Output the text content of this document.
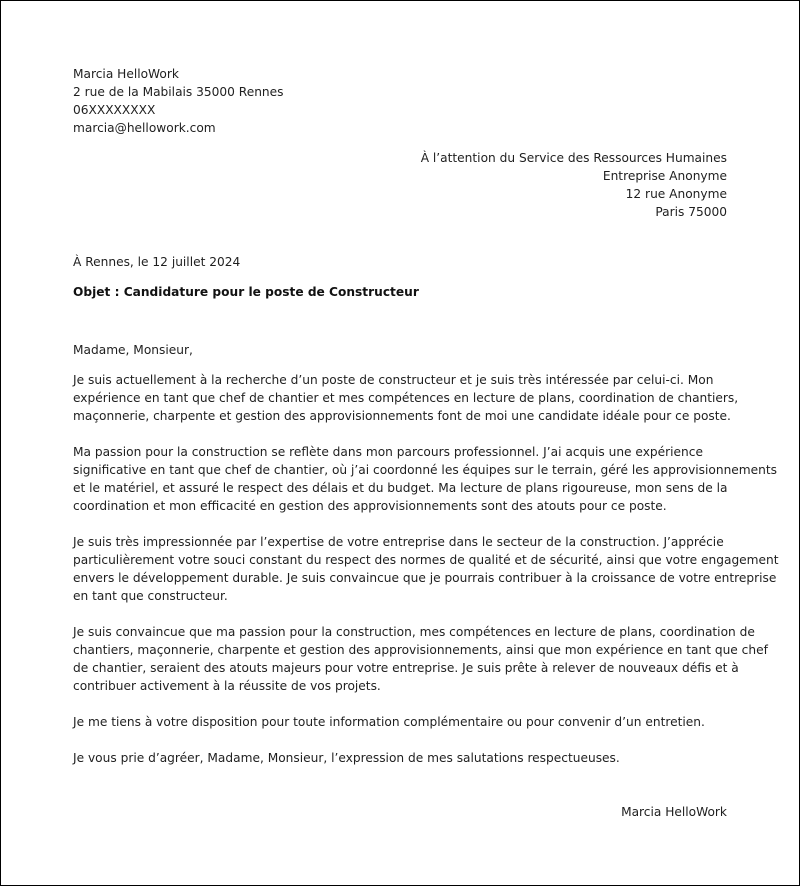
Marcia HelloWork
2 rue de la Mabilais 35000 Rennes
06XXXXXXXX
marcia@hellowork.com
À l’attention du Service des Ressources Humaines
Entreprise Anonyme
12 rue Anonyme
Paris 75000
À Rennes, le 12 juillet 2024
Objet : Candidature pour le poste de Constructeur
Madame, Monsieur,
Je suis actuellement à la recherche d’un poste de constructeur et je suis très intéressée par celui-ci. Mon
expérience en tant que chef de chantier et mes compétences en lecture de plans, coordination de chantiers,
maçonnerie, charpente et gestion des approvisionnements font de moi une candidate idéale pour ce poste.
Ma passion pour la construction se reflète dans mon parcours professionnel. J’ai acquis une expérience
significative en tant que chef de chantier, où j’ai coordonné les équipes sur le terrain, géré les approvisionnements
et le matériel, et assuré le respect des délais et du budget. Ma lecture de plans rigoureuse, mon sens de la
coordination et mon efficacité en gestion des approvisionnements sont des atouts pour ce poste.
Je suis très impressionnée par l’expertise de votre entreprise dans le secteur de la construction. J’apprécie
particulièrement votre souci constant du respect des normes de qualité et de sécurité, ainsi que votre engagement
envers le développement durable. Je suis convaincue que je pourrais contribuer à la croissance de votre entreprise
en tant que constructeur.
Je suis convaincue que ma passion pour la construction, mes compétences en lecture de plans, coordination de
chantiers, maçonnerie, charpente et gestion des approvisionnements, ainsi que mon expérience en tant que chef
de chantier, seraient des atouts majeurs pour votre entreprise. Je suis prête à relever de nouveaux défis et à
contribuer activement à la réussite de vos projets.
Je me tiens à votre disposition pour toute information complémentaire ou pour convenir d’un entretien.
Je vous prie d’agréer, Madame, Monsieur, l’expression de mes salutations respectueuses.
Marcia HelloWork
